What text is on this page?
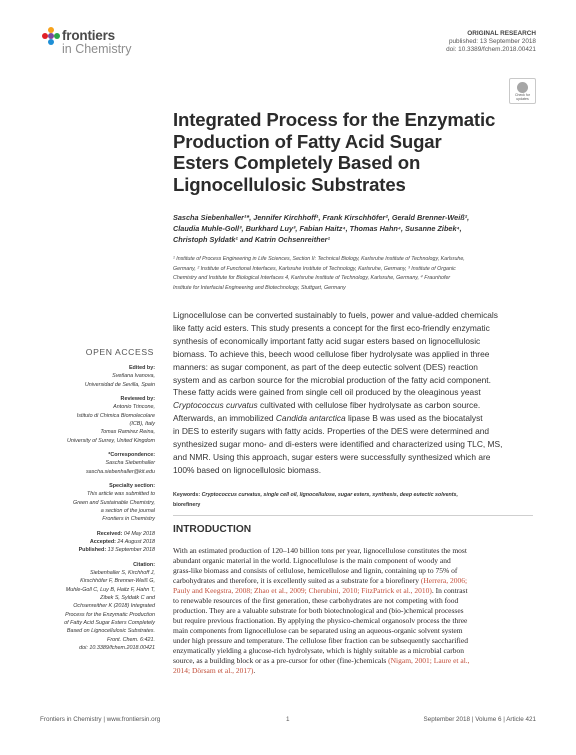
frontiers
in Chemistry
ORIGINAL RESEARCH
published: 13 September 2018
doi: 10.3389/fchem.2018.00421
Check for updates
Integrated Process for the Enzymatic
Production of Fatty Acid Sugar
Esters Completely Based on
Lignocellulosic Substrates
Sascha Siebenhaller¹*, Jennifer Kirchhoff¹, Frank Kirschhöfer², Gerald Brenner-Weiß²,
Claudia Muhle-Goll³, Burkhard Luy³, Fabian Haitz⁴, Thomas Hahn⁴, Susanne Zibek⁴,
Christoph Syldatk¹ and Katrin Ochsenreither¹
¹ Institute of Process Engineering in Life Sciences, Section II: Technical Biology, Karlsruhe Institute of Technology, Karlsruhe,
Germany, ² Institute of Functional Interfaces, Karlsruhe Institute of Technology, Karlsruhe, Germany, ³ Institute of Organic
Chemistry and Institute for Biological Interfaces 4, Karlsruhe Institute of Technology, Karlsruhe, Germany, ⁴ Fraunhofer
Institute for Interfacial Engineering and Biotechnology, Stuttgart, Germany
OPEN ACCESS
Edited by:
Svetlana Ivanova,
Universidad de Sevilla, Spain
Reviewed by:
Antonio Trincone,
Istituto di Chimica Biomolecolare
(ICB), Italy
Tomas Ramirez Reina,
University of Surrey, United Kingdom
*Correspondence:
Sascha Siebenhaller
sascha.siebenhaller@kit.edu
Specialty section:
This article was submitted to
Green and Sustainable Chemistry,
a section of the journal
Frontiers in Chemistry
Received: 04 May 2018
Accepted: 24 August 2018
Published: 13 September 2018
Citation:
Siebenhaller S, Kirchhoff J,
Kirschhöfer F, Brenner-Weiß G,
Muhle-Goll C, Luy B, Haitz F, Hahn T,
Zibek S, Syldatk C and
Ochsenreither K (2018) Integrated
Process for the Enzymatic Production
of Fatty Acid Sugar Esters Completely
Based on Lignocellulosic Substrates.
Front. Chem. 6:421.
doi: 10.3389/fchem.2018.00421
Lignocellulose can be converted sustainably to fuels, power and value-added chemicals
like fatty acid esters. This study presents a concept for the first eco-friendly enzymatic
synthesis of economically important fatty acid sugar esters based on lignocellulosic
biomass. To achieve this, beech wood cellulose fiber hydrolysate was applied in three
manners: as sugar component, as part of the deep eutectic solvent (DES) reaction
system and as carbon source for the microbial production of the fatty acid component.
These fatty acids were gained from single cell oil produced by the oleaginous yeast
Cryptococcus curvatus cultivated with cellulose fiber hydrolysate as carbon source.
Afterwards, an immobilized Candida antarctica lipase B was used as the biocatalyst
in DES to esterify sugars with fatty acids. Properties of the DES were determined and
synthesized sugar mono- and di-esters were identified and characterized using TLC, MS,
and NMR. Using this approach, sugar esters were successfully synthesized which are
100% based on lignocellulosic biomass.
Keywords: Cryptococcus curvatus, single cell oil, lignocellulose, sugar esters, synthesis, deep eutectic solvents,
biorefinery
INTRODUCTION
With an estimated production of 120–140 billion tons per year, lignocellulose constitutes the most
abundant organic material in the world. Lignocellulose is the main component of woody and
grass-like biomass and consists of cellulose, hemicellulose and lignin, containing up to 75% of
carbohydrates and therefore, it is excellently suited as a substrate for a biorefinery (Herrera, 2006;
Pauly and Keegstra, 2008; Zhao et al., 2009; Cherubini, 2010; FitzPatrick et al., 2010). In contrast
to renewable resources of the first generation, these carbohydrates are not competing with food
production. They are a valuable substrate for both biotechnological and (bio-)chemical processes
but require previous fractionation. By applying the physico-chemical organosolv process the three
main components from lignocellulose can be separated using an aqueous-organic solvent system
under high pressure and temperature. The cellulose fiber fraction can be subsequently saccharified
enzymatically yielding a glucose-rich hydrolysate, which is highly suitable as a microbial carbon
source, as a building block or as a pre-cursor for other (fine-)chemicals (Nigam, 2001; Laure et al.,
2014; Dörsam et al., 2017).
Frontiers in Chemistry | www.frontiersin.org	1	September 2018 | Volume 6 | Article 421
